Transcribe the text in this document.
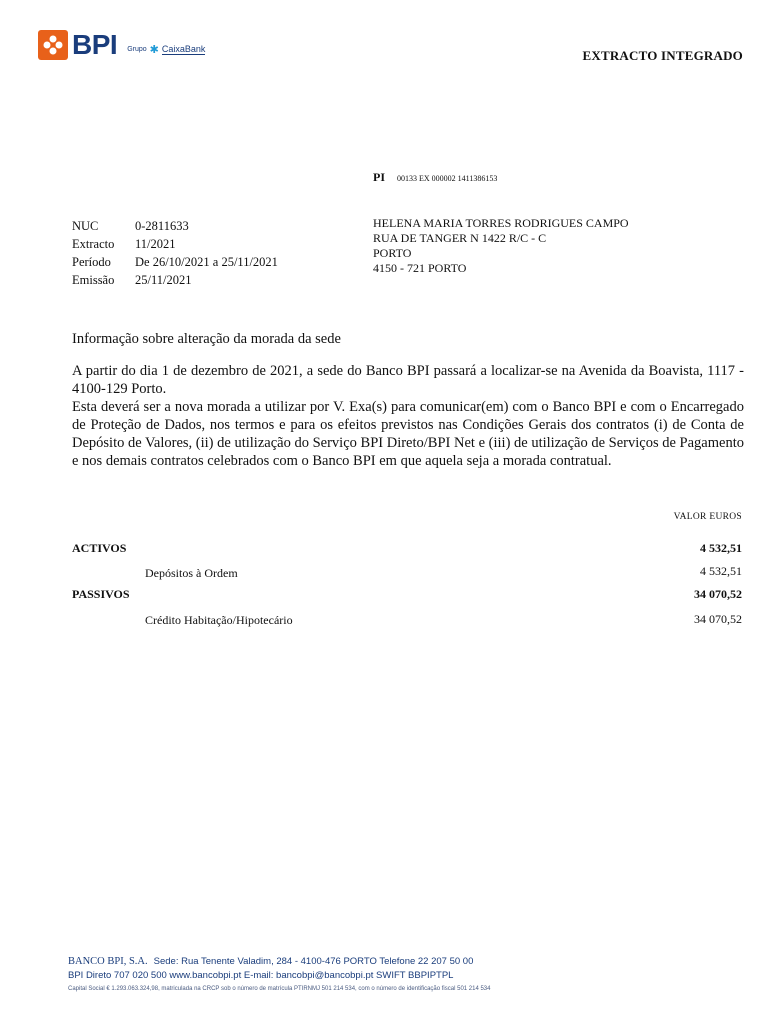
BPI Grupo ✱ CaixaBank	EXTRACTO INTEGRADO
PI 00133 EX 000002 1411386153
NUC	0-2811633
Extracto	11/2021
Período	De 26/10/2021 a 25/11/2021
Emissão	25/11/2021
HELENA MARIA TORRES RODRIGUES CAMPO
RUA DE TANGER N 1422 R/C - C
PORTO
4150 - 721 PORTO
Informação sobre alteração da morada da sede

A partir do dia 1 de dezembro de 2021, a sede do Banco BPI passará a localizar-se na Avenida da Boavista, 1117 - 4100-129 Porto.

Esta deverá ser a nova morada a utilizar por V. Exa(s) para comunicar(em) com o Banco BPI e com o Encarregado de Proteção de Dados, nos termos e para os efeitos previstos nas Condições Gerais dos contratos (i) de Conta de Depósito de Valores, (ii) de utilização do Serviço BPI Direto/BPI Net e (iii) de utilização de Serviços de Pagamento e nos demais contratos celebrados com o Banco BPI em que aquela seja a morada contratual.

VALOR EUROS
ACTIVOS	4 532,51
Depósitos à Ordem	4 532,51
PASSIVOS	34 070,52
Crédito Habitação/Hipotecário	34 070,52
BANCO BPI, S.A. Sede: Rua Tenente Valadim, 284 - 4100-476 PORTO Telefone 22 207 50 00
BPI Direto 707 020 500 www.bancobpi.pt E-mail: bancobpi@bancobpi.pt SWIFT BBPIPTPL
Capital Social € 1.293.063.324,98, matriculada na CRCP sob o número de matrícula PTIRNMJ 501 214 534, com o número de identificação fiscal 501 214 534
